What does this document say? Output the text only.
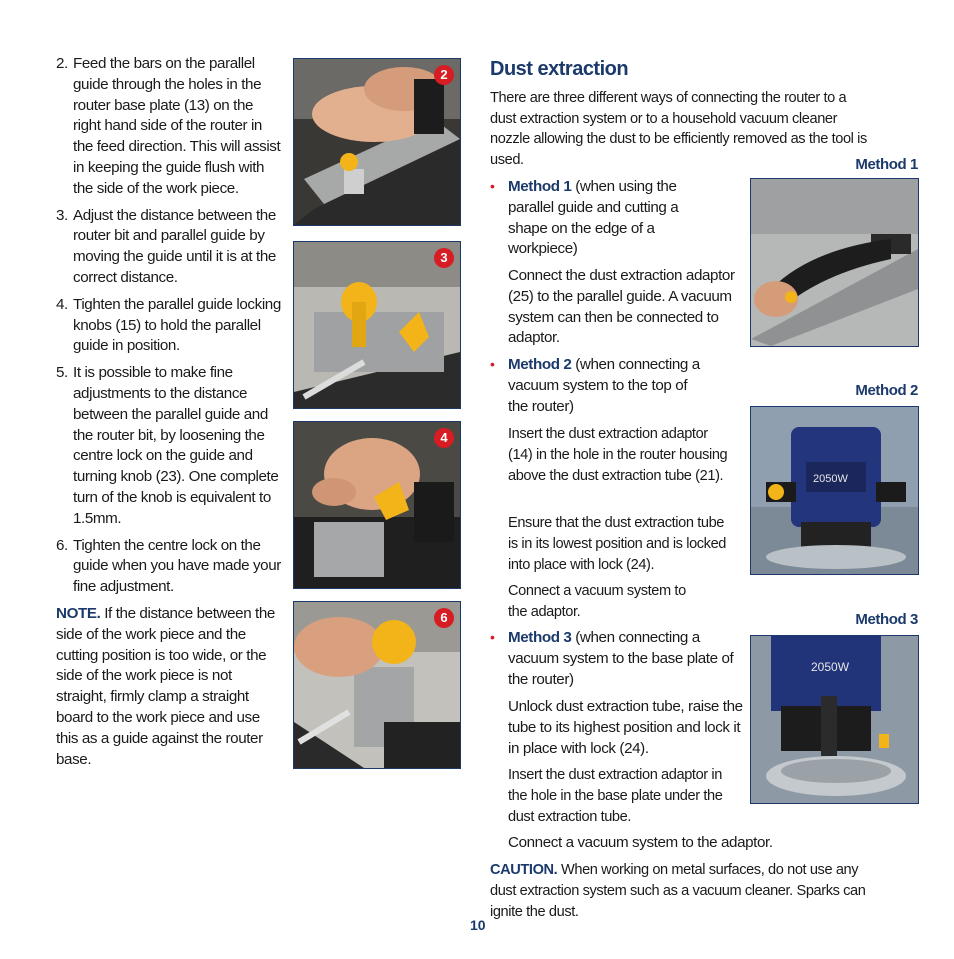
2. Feed the bars on the parallel guide through the holes in the router base plate (13) on the right hand side of the router in the feed direction. This will assist in keeping the guide flush with the side of the work piece.
3. Adjust the distance between the router bit and parallel guide by moving the guide until it is at the correct distance.
4. Tighten the parallel guide locking knobs (15) to hold the parallel guide in position.
5. It is possible to make fine adjustments to the distance between the parallel guide and the router bit, by loosening the centre lock on the guide and turning knob (23). One complete turn of the knob is equivalent to 1.5mm.
6. Tighten the centre lock on the guide when you have made your fine adjustment.
NOTE. If the distance between the side of the work piece and the cutting position is too wide, or the side of the work piece is not straight, firmly clamp a straight board to the work piece and use this as a guide against the router base.
2
3
4
6
Dust extraction
There are three different ways of connecting the router to a dust extraction system or to a household vacuum cleaner nozzle allowing the dust to be efficiently removed as the tool is used.	Method 1
• Method 1 (when using the parallel guide and cutting a shape on the edge of a workpiece)
Connect the dust extraction adaptor (25) to the parallel guide. A vacuum system can then be connected to adaptor.
Method 2
• Method 2 (when connecting a vacuum system to the top of the router)
Insert the dust extraction adaptor (14) in the hole in the router housing above the dust extraction tube (21).
Ensure that the dust extraction tube is in its lowest position and is locked into place with lock (24).
Connect a vacuum system to the adaptor.
2050W
Method 3
• Method 3 (when connecting a vacuum system to the base plate of the router)
Unlock dust extraction tube, raise the tube to its highest position and lock it in place with lock (24).
Insert the dust extraction adaptor in the hole in the base plate under the dust extraction tube.
Connect a vacuum system to the adaptor.
2050W
CAUTION. When working on metal surfaces, do not use any dust extraction system such as a vacuum cleaner. Sparks can ignite the dust.
10
